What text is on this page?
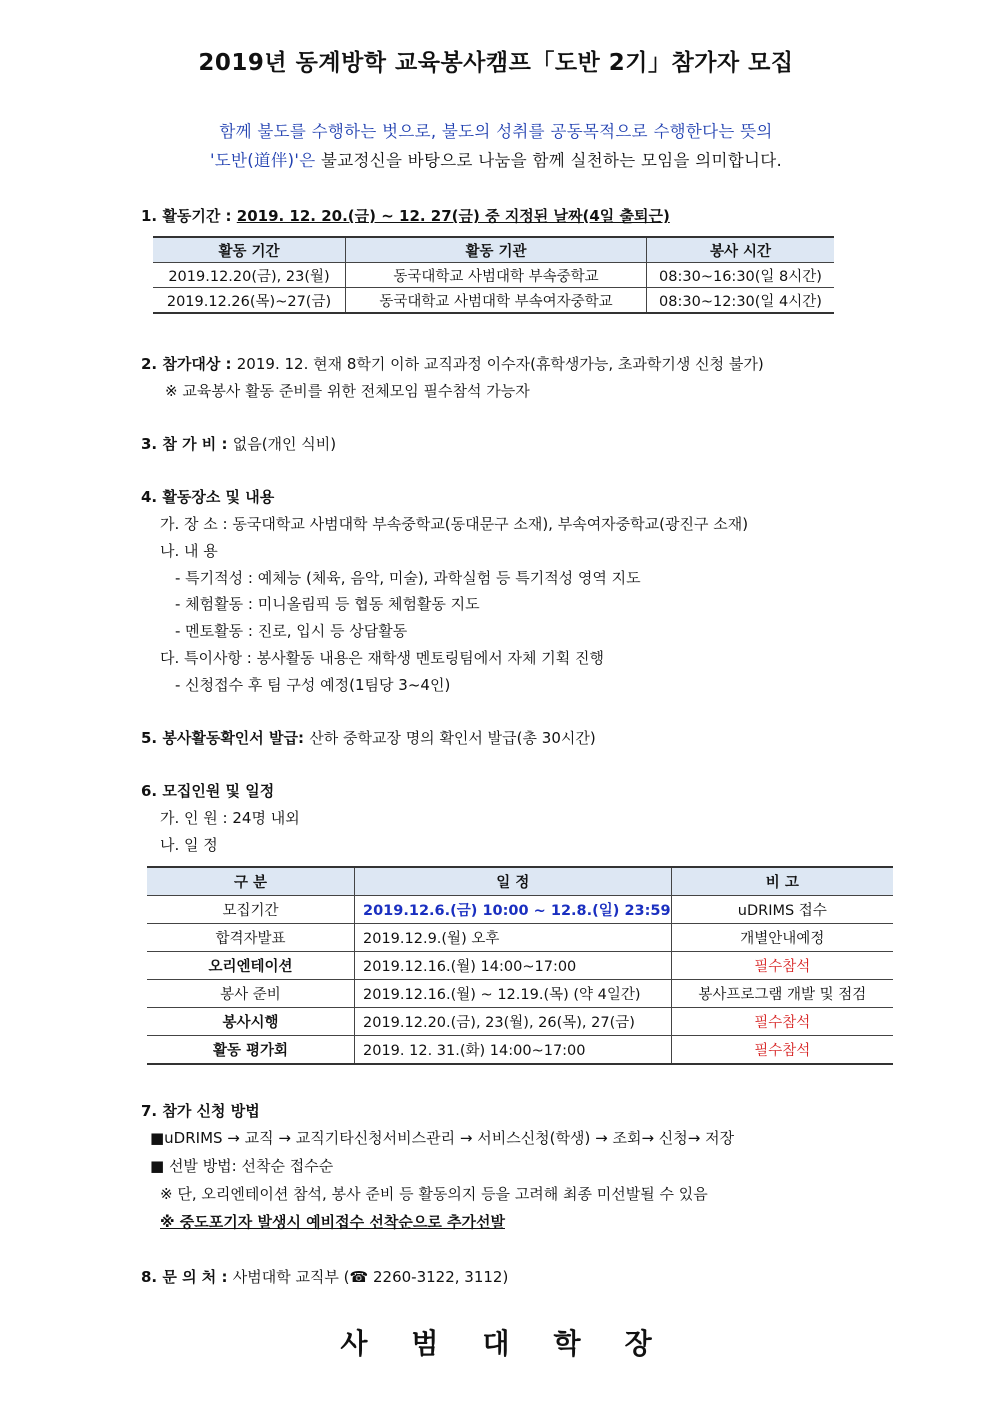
2019년 동계방학 교육봉사캠프「도반 2기」참가자 모집
함께 불도를 수행하는 벗으로, 불도의 성취를 공동목적으로 수행한다는 뜻의
'도반(道伴)'은 불교정신을 바탕으로 나눔을 함께 실천하는 모임을 의미합니다.
1. 활동기간 : 2019. 12. 20.(금) ~ 12. 27(금) 중 지정된 날짜(4일 출퇴근)
활동 기간	활동 기관	봉사 시간
2019.12.20(금), 23(월)	동국대학교 사범대학 부속중학교	08:30~16:30(일 8시간)
2019.12.26(목)~27(금)	동국대학교 사범대학 부속여자중학교	08:30~12:30(일 4시간)
2. 참가대상 : 2019. 12. 현재 8학기 이하 교직과정 이수자(휴학생가능, 초과학기생 신청 불가)
※ 교육봉사 활동 준비를 위한 전체모임 필수참석 가능자
3. 참 가 비 : 없음(개인 식비)
4. 활동장소 및 내용
가. 장 소 : 동국대학교 사범대학 부속중학교(동대문구 소재), 부속여자중학교(광진구 소재)
나. 내 용
- 특기적성 : 예체능 (체육, 음악, 미술), 과학실험 등 특기적성 영역 지도
- 체험활동 : 미니올림픽 등 협동 체험활동 지도
- 멘토활동 : 진로, 입시 등 상담활동
다. 특이사항 : 봉사활동 내용은 재학생 멘토링팀에서 자체 기획 진행
- 신청접수 후 팀 구성 예정(1팀당 3~4인)
5. 봉사활동확인서 발급: 산하 중학교장 명의 확인서 발급(총 30시간)
6. 모집인원 및 일정
가. 인 원 : 24명 내외
나. 일 정
구 분	일 정	비 고
모집기간	2019.12.6.(금) 10:00 ~ 12.8.(일) 23:59	uDRIMS 접수
합격자발표	2019.12.9.(월) 오후	개별안내예정
오리엔테이션	2019.12.16.(월) 14:00~17:00	필수참석
봉사 준비	2019.12.16.(월) ~ 12.19.(목) (약 4일간)	봉사프로그램 개발 및 점검
봉사시행	2019.12.20.(금), 23(월), 26(목), 27(금)	필수참석
활동 평가회	2019. 12. 31.(화) 14:00~17:00	필수참석
7. 참가 신청 방법
■uDRIMS → 교직 → 교직기타신청서비스관리 → 서비스신청(학생) → 조회→ 신청→ 저장
■ 선발 방법: 선착순 접수순
※ 단, 오리엔테이션 참석, 봉사 준비 등 활동의지 등을 고려해 최종 미선발될 수 있음
※ 중도포기자 발생시 예비접수 선착순으로 추가선발
8. 문 의 처 : 사범대학 교직부 (☎ 2260-3122, 3112)
사범대학장
